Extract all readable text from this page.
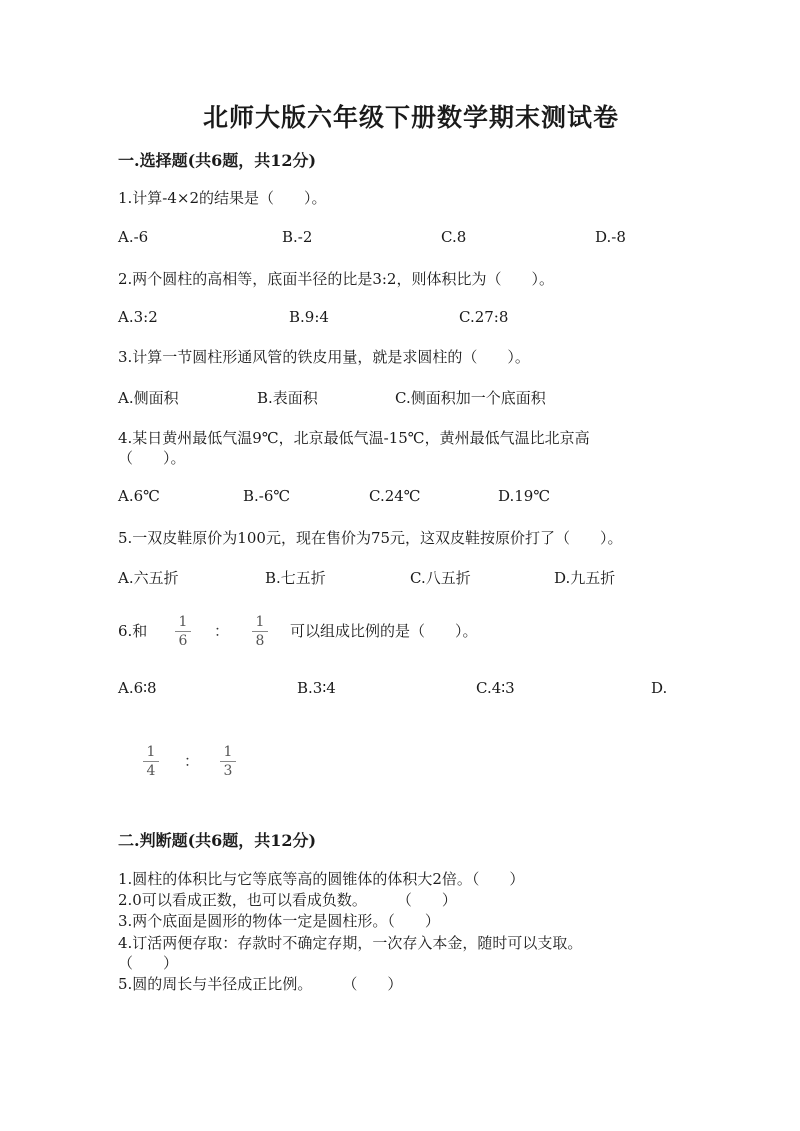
北师大版六年级下册数学期末测试卷
一.选择题(共6题，共12分)
1.计算-4×2的结果是（　　）。
A.-6	B.-2	C.8	D.-8
2.两个圆柱的高相等，底面半径的比是3:2，则体积比为（　　）。
A.3:2	B.9:4	C.27:8
3.计算一节圆柱形通风管的铁皮用量，就是求圆柱的（　　）。
A.侧面积	B.表面积	C.侧面积加一个底面积
4.某日黄州最低气温9℃，北京最低气温-15℃，黄州最低气温比北京高
（　　）。
A.6℃	B.-6℃	C.24℃	D.19℃
5.一双皮鞋原价为100元，现在售价为75元，这双皮鞋按原价打了（　　）。
A.六五折	B.七五折	C.八五折	D.九五折
6.和 1
6
： 1
8
可以组成比例的是（　　）。
A.6∶8	B.3∶4	C.4∶3	D.
1
4
： 1
3
二.判断题(共6题，共12分)
1.圆柱的体积比与它等底等高的圆锥体的体积大2倍。（　　）
2.0可以看成正数，也可以看成负数。　　　（　　）
3.两个底面是圆形的物体一定是圆柱形。（　　）
4.订活两便存取：存款时不确定存期，一次存入本金，随时可以支取。
（　　）
5.圆的周长与半径成正比例。　　　（　　）
